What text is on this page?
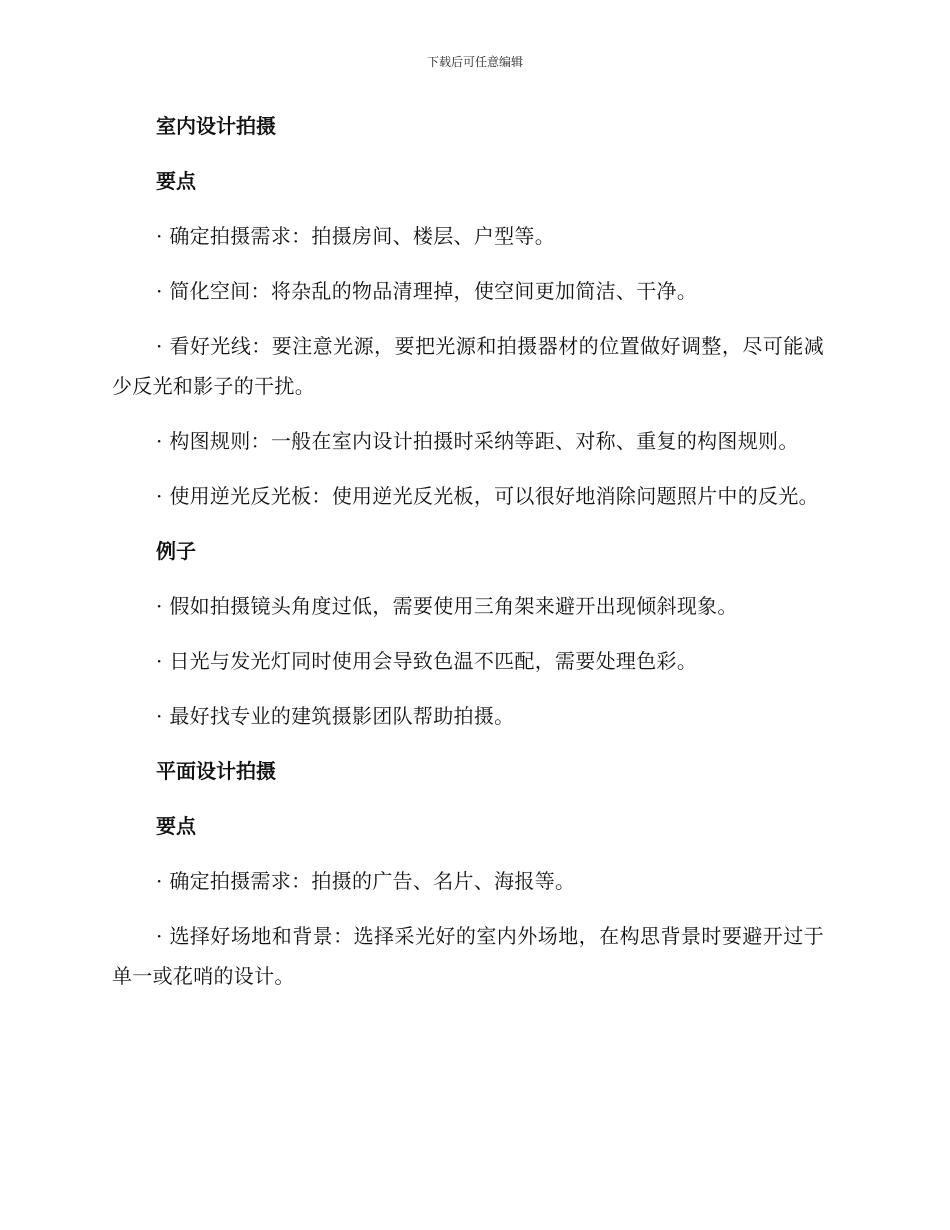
下载后可任意编辑
室内设计拍摄
要点

· 确定拍摄需求：拍摄房间、楼层、户型等。

· 简化空间：将杂乱的物品清理掉，使空间更加简洁、干净。

· 看好光线：要注意光源，要把光源和拍摄器材的位置做好调整，尽可能减少反光和影子的干扰。

· 构图规则：一般在室内设计拍摄时采纳等距、对称、重复的构图规则。

· 使用逆光反光板：使用逆光反光板，可以很好地消除问题照片中的反光。

例子

· 假如拍摄镜头角度过低，需要使用三角架来避开出现倾斜现象。

· 日光与发光灯同时使用会导致色温不匹配，需要处理色彩。

· 最好找专业的建筑摄影团队帮助拍摄。

平面设计拍摄
要点

· 确定拍摄需求：拍摄的广告、名片、海报等。

· 选择好场地和背景：选择采光好的室内外场地，在构思背景时要避开过于单一或花哨的设计。
